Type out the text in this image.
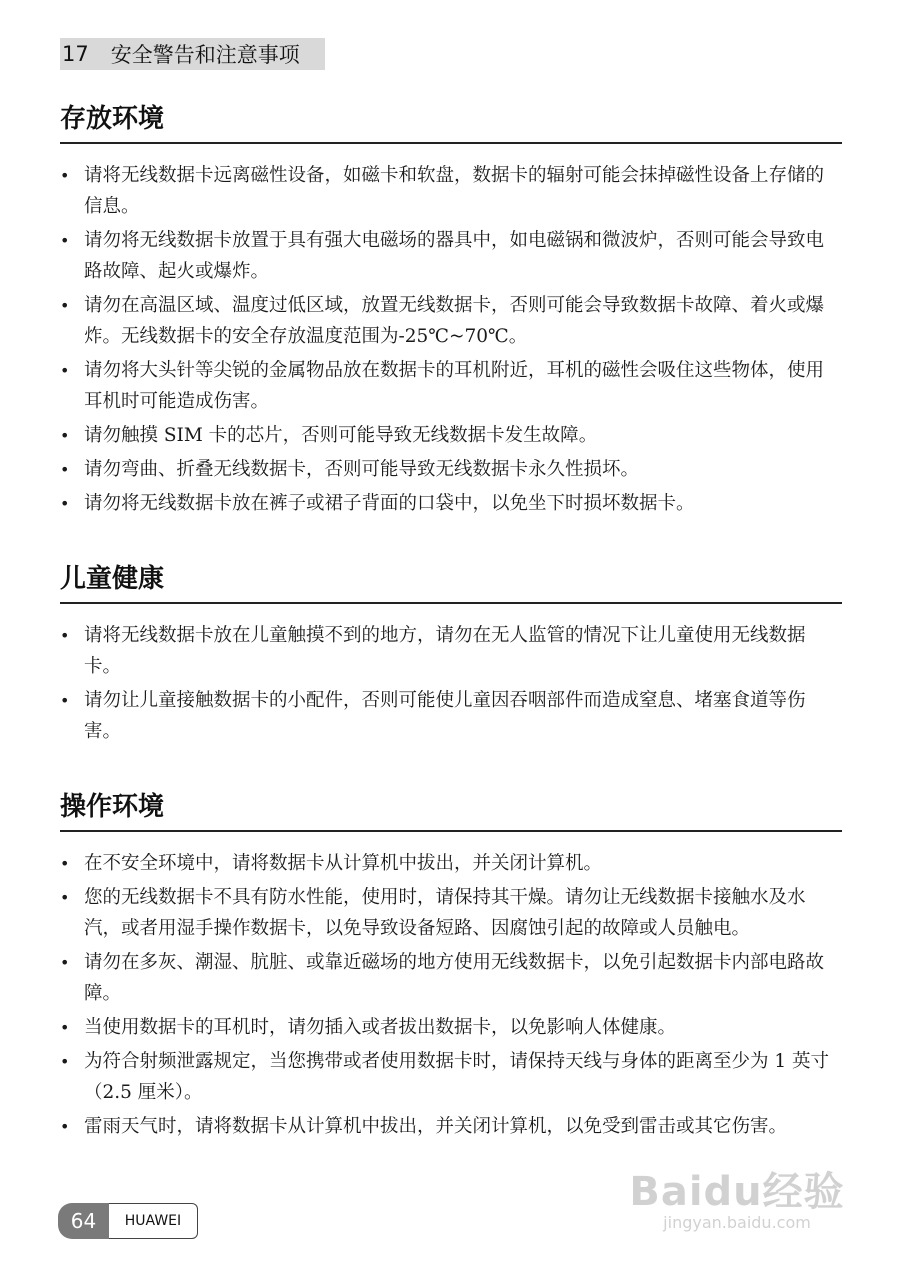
17 安全警告和注意事项
存放环境
• 请将无线数据卡远离磁性设备，如磁卡和软盘，数据卡的辐射可能会抹掉磁性设备上存储的信息。
• 请勿将无线数据卡放置于具有强大电磁场的器具中，如电磁锅和微波炉，否则可能会导致电路故障、起火或爆炸。
• 请勿在高温区域、温度过低区域，放置无线数据卡，否则可能会导致数据卡故障、着火或爆炸。无线数据卡的安全存放温度范围为-25℃~70℃。
• 请勿将大头针等尖锐的金属物品放在数据卡的耳机附近，耳机的磁性会吸住这些物体，使用耳机时可能造成伤害。
• 请勿触摸 SIM 卡的芯片，否则可能导致无线数据卡发生故障。
• 请勿弯曲、折叠无线数据卡，否则可能导致无线数据卡永久性损坏。
• 请勿将无线数据卡放在裤子或裙子背面的口袋中，以免坐下时损坏数据卡。
儿童健康
• 请将无线数据卡放在儿童触摸不到的地方，请勿在无人监管的情况下让儿童使用无线数据卡。
• 请勿让儿童接触数据卡的小配件，否则可能使儿童因吞咽部件而造成窒息、堵塞食道等伤害。
操作环境
• 在不安全环境中，请将数据卡从计算机中拔出，并关闭计算机。
• 您的无线数据卡不具有防水性能，使用时，请保持其干燥。请勿让无线数据卡接触水及水汽，或者用湿手操作数据卡，以免导致设备短路、因腐蚀引起的故障或人员触电。
• 请勿在多灰、潮湿、肮脏、或靠近磁场的地方使用无线数据卡，以免引起数据卡内部电路故障。
• 当使用数据卡的耳机时，请勿插入或者拔出数据卡，以免影响人体健康。
• 为符合射频泄露规定，当您携带或者使用数据卡时，请保持天线与身体的距离至少为 1 英寸（2.5 厘米）。
• 雷雨天气时，请将数据卡从计算机中拔出，并关闭计算机，以免受到雷击或其它伤害。
64	HUAWEI
Baidu经验
jingyan.baidu.com
